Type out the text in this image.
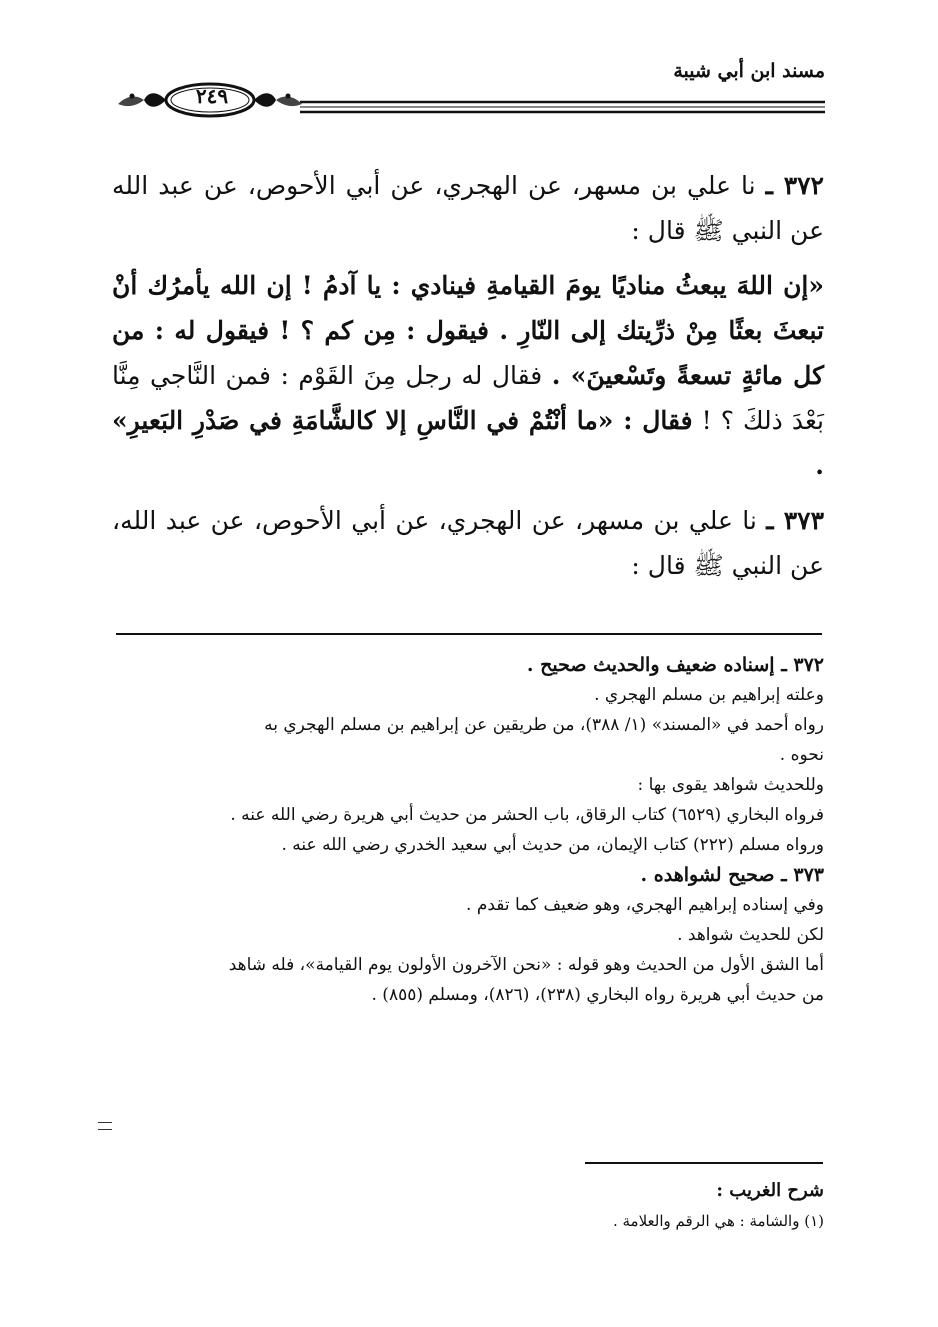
مسند ابن أبي شيبة
٢٤٩

٣٧٢ ـ نا علي بن مسهر، عن الهجري، عن أبي الأحوص، عن عبد الله عن النبي ﷺ قال :

«إن اللهَ يبعثُ مناديًا يومَ القيامةِ فينادي : يا آدمُ ! إن الله يأمرُك أنْ تبعثَ بعثًا مِنْ ذرِّيتك إلى النّارِ . فيقول : مِن كم ؟ ! فيقول له : من كل مائةٍ تسعةً وتَسْعينَ» . فقال له رجل مِنَ القَوْم : فمن النَّاجي مِنَّا بَعْدَ ذلكَ ؟ ! فقال : «ما أنْتُمْ في النَّاسِ إلا كالشَّامَةِ في صَدْرِ البَعيرِ» .

٣٧٣ ـ نا علي بن مسهر، عن الهجري، عن أبي الأحوص، عن عبد الله، عن النبي ﷺ قال :

٣٧٢ ـ إسناده ضعيف والحديث صحيح .

وعلته إبراهيم بن مسلم الهجري .

رواه أحمد في «المسند» (١/ ٣٨٨)، من طريقين عن إبراهيم بن مسلم الهجري به

نحوه .

وللحديث شواهد يقوى بها :

فرواه البخاري (٦٥٢٩) كتاب الرقاق، باب الحشر من حديث أبي هريرة رضي الله عنه .

ورواه مسلم (٢٢٢) كتاب الإيمان، من حديث أبي سعيد الخدري رضي الله عنه .

٣٧٣ ـ صحيح لشواهده .

وفي إسناده إبراهيم الهجري، وهو ضعيف كما تقدم .

لكن للحديث شواهد .

أما الشق الأول من الحديث وهو قوله : «نحن الآخرون الأولون يوم القيامة»، فله شاهد

من حديث أبي هريرة رواه البخاري (٢٣٨)، (٨٢٦)، ومسلم (٨٥٥) .

شرح الغريب :
(١) والشامة : هي الرقم والعلامة .
